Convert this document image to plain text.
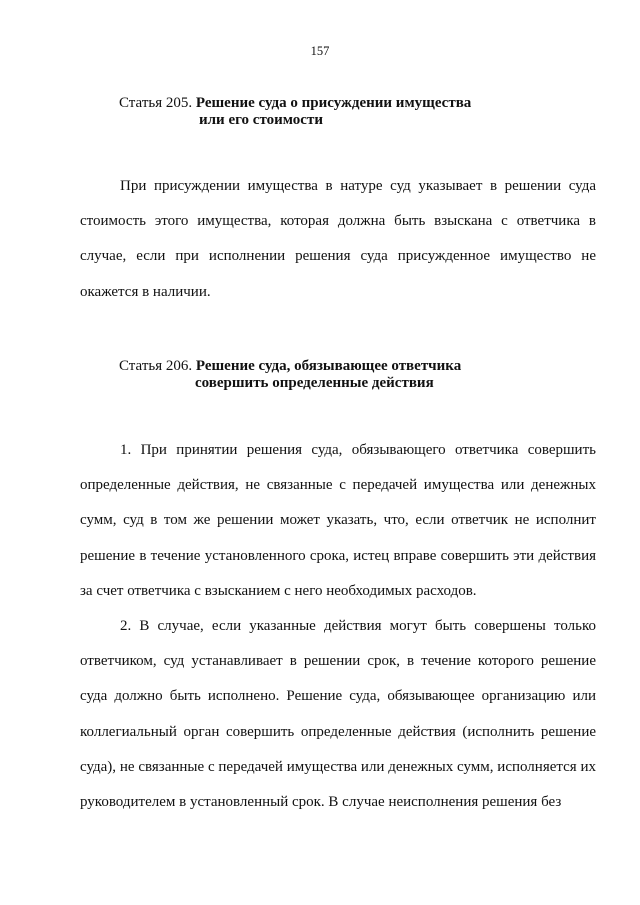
157
Статья 205. Решение суда о присуждении имущества
или его стоимости

При присуждении имущества в натуре суд указывает в решении суда стоимость этого имущества, которая должна быть взыскана с ответчика в случае, если при исполнении решения суда присужденное имущество не окажется в наличии.

Статья 206. Решение суда, обязывающее ответчика
совершить определенные действия

1. При принятии решения суда, обязывающего ответчика совершить определенные действия, не связанные с передачей имущества или денежных сумм, суд в том же решении может указать, что, если ответчик не исполнит решение в течение установленного срока, истец вправе совершить эти действия за счет ответчика с взысканием с него необходимых расходов.

2. В случае, если указанные действия могут быть совершены только ответчиком, суд устанавливает в решении срок, в течение которого решение суда должно быть исполнено. Решение суда, обязывающее организацию или коллегиальный орган совершить определенные действия (исполнить решение суда), не связанные с передачей имущества или денежных сумм, исполняется их руководителем в установленный срок. В случае неисполнения решения без
